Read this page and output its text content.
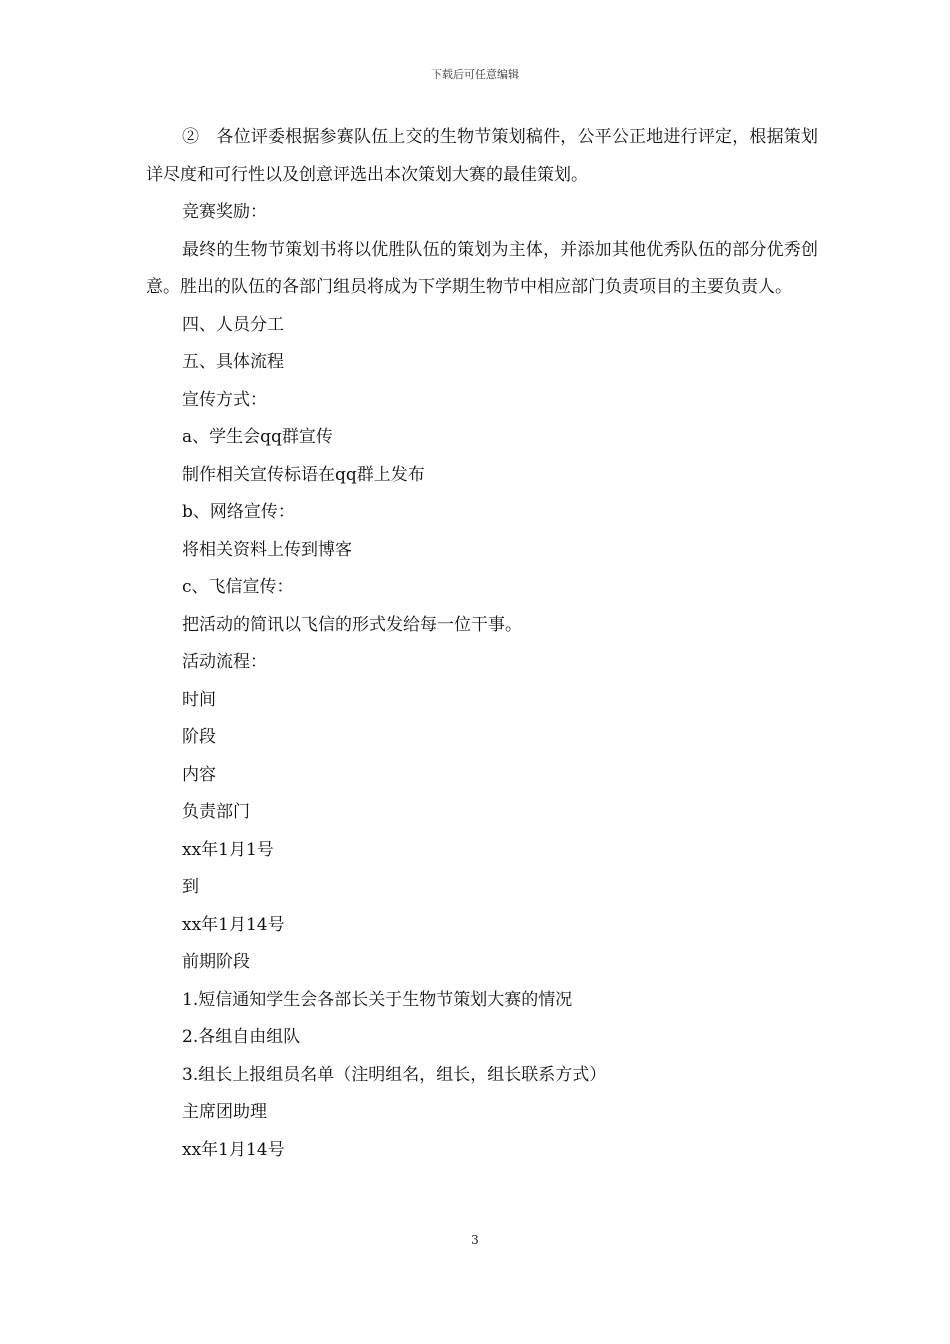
下载后可任意编辑

②　各位评委根据参赛队伍上交的生物节策划稿件，公平公正地进行评定，根据策划详尽度和可行性以及创意评选出本次策划大赛的最佳策划。

竞赛奖励：

最终的生物节策划书将以优胜队伍的策划为主体，并添加其他优秀队伍的部分优秀创意。胜出的队伍的各部门组员将成为下学期生物节中相应部门负责项目的主要负责人。

四、人员分工

五、具体流程

宣传方式：

a、学生会qq群宣传

制作相关宣传标语在qq群上发布

b、网络宣传：

将相关资料上传到博客

c、飞信宣传：

把活动的简讯以飞信的形式发给每一位干事。

活动流程：

时间

阶段

内容

负责部门

xx年1月1号

到

xx年1月14号

前期阶段

1.短信通知学生会各部长关于生物节策划大赛的情况

2.各组自由组队

3.组长上报组员名单（注明组名，组长，组长联系方式）

主席团助理

xx年1月14号

3
